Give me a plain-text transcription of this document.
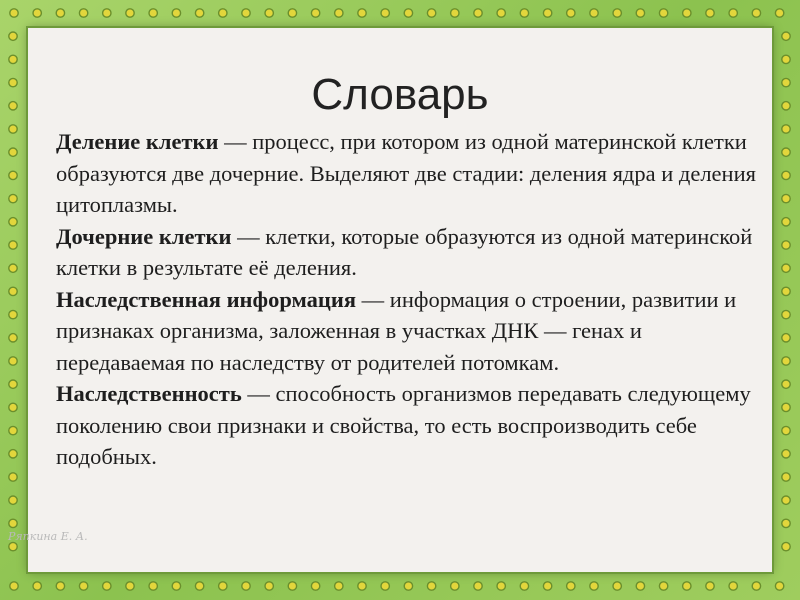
Словарь

Деление клетки — процесс, при котором из одной материнской клетки образуются две дочерние. Выделяют две стадии: деления ядра и деления цитоплазмы.

Дочерние клетки — клетки, которые образуются из одной материнской клетки в результате её деления.

Наследственная информация — информация о строении, развитии и признаках организма, заложенная в участках ДНК — генах и передаваемая по наследству от родителей потомкам.

Наследственность — способность организмов передавать следующему поколению свои признаки и свойства, то есть воспроизводить себе подобных.

Ряпкина Е. А.
